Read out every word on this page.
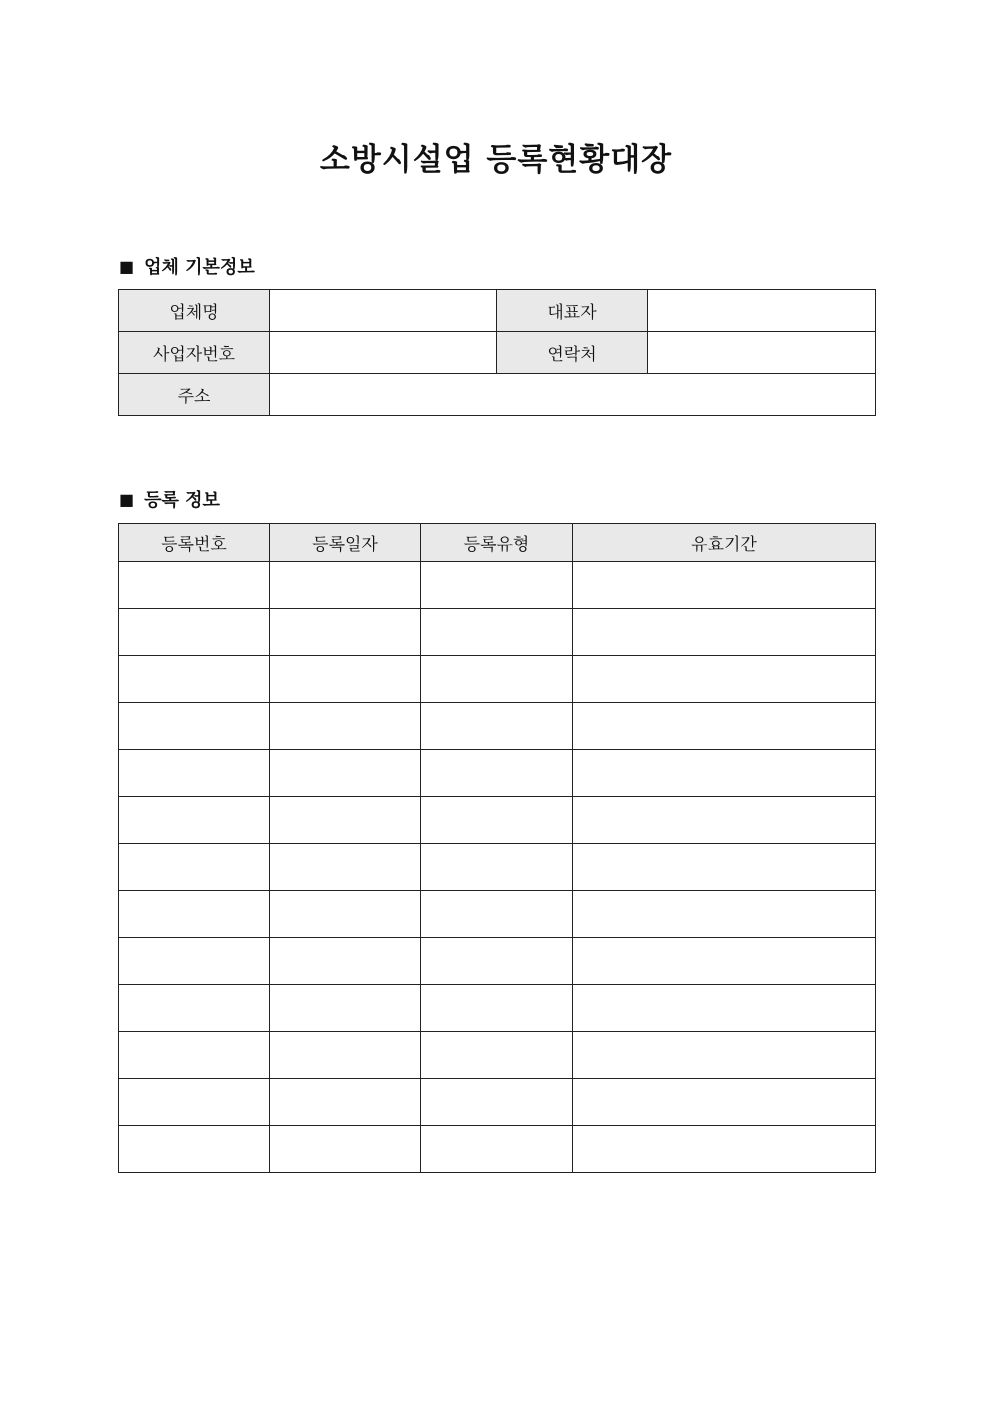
소방시설업 등록현황대장
■ 업체 기본정보
업체명		대표자	
사업자번호		연락처	
주소			
■ 등록 정보
등록번호	등록일자	등록유형	유효기간
